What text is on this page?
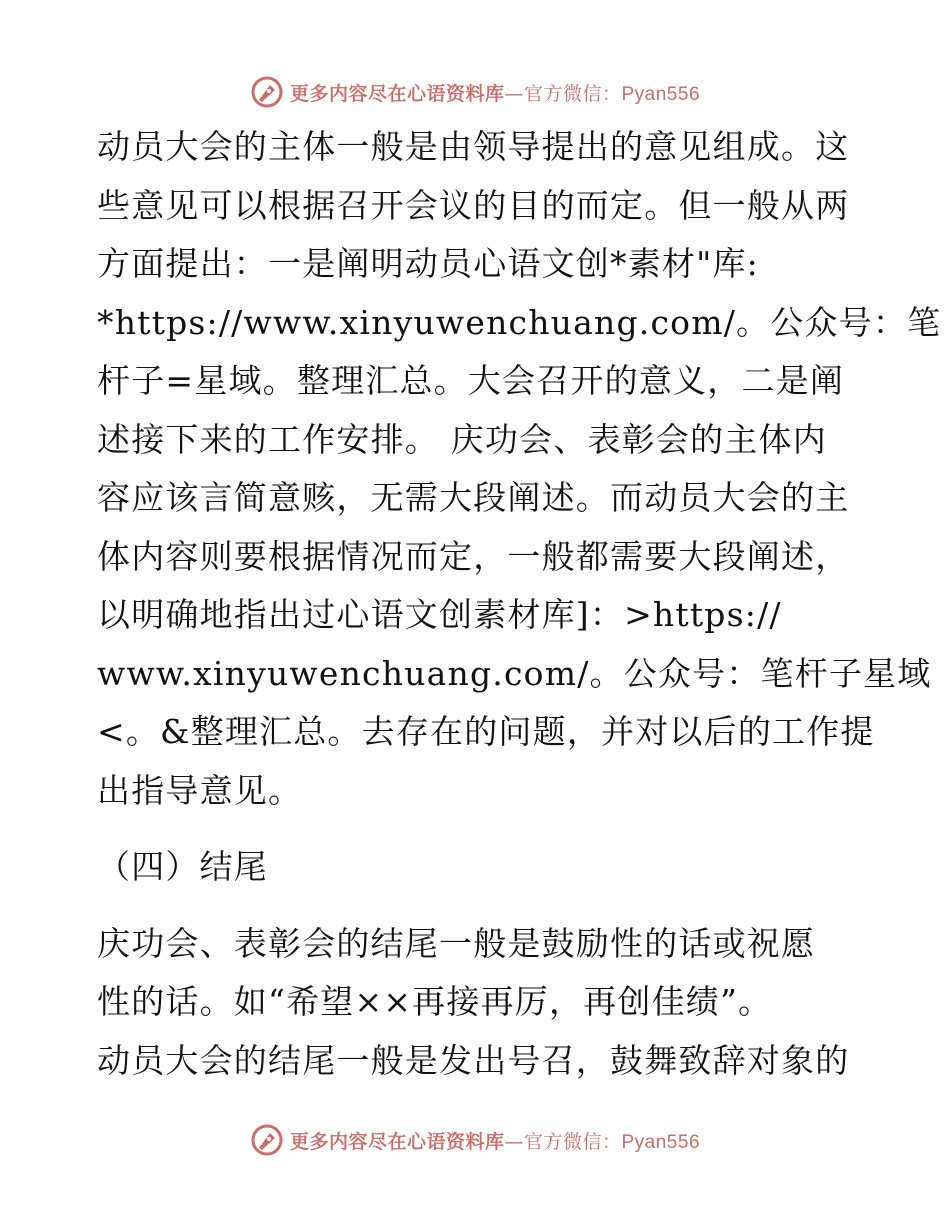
更多内容尽在心语资料库—官方微信：Pyan556
动员大会的主体一般是由领导提出的意见组成。这
些意见可以根据召开会议的目的而定。但一般从两
方面提出：一是阐明动员心语文创*素材"库:
*https://www.xinyuwenchuang.com/。公众号：笔
杆子=星域。整理汇总。大会召开的意义，二是阐
述接下来的工作安排。 庆功会、表彰会的主体内
容应该言简意赅，无需大段阐述。而动员大会的主
体内容则要根据情况而定，一般都需要大段阐述，
以明确地指出过心语文创素材库]：>https://
www.xinyuwenchuang.com/。公众号：笔杆子星域
<。&整理汇总。去存在的问题，并对以后的工作提
出指导意见。
（四）结尾
庆功会、表彰会的结尾一般是鼓励性的话或祝愿
性的话。如“希望××再接再厉，再创佳绩”。
动员大会的结尾一般是发出号召，鼓舞致辞对象的
更多内容尽在心语资料库—官方微信：Pyan556
